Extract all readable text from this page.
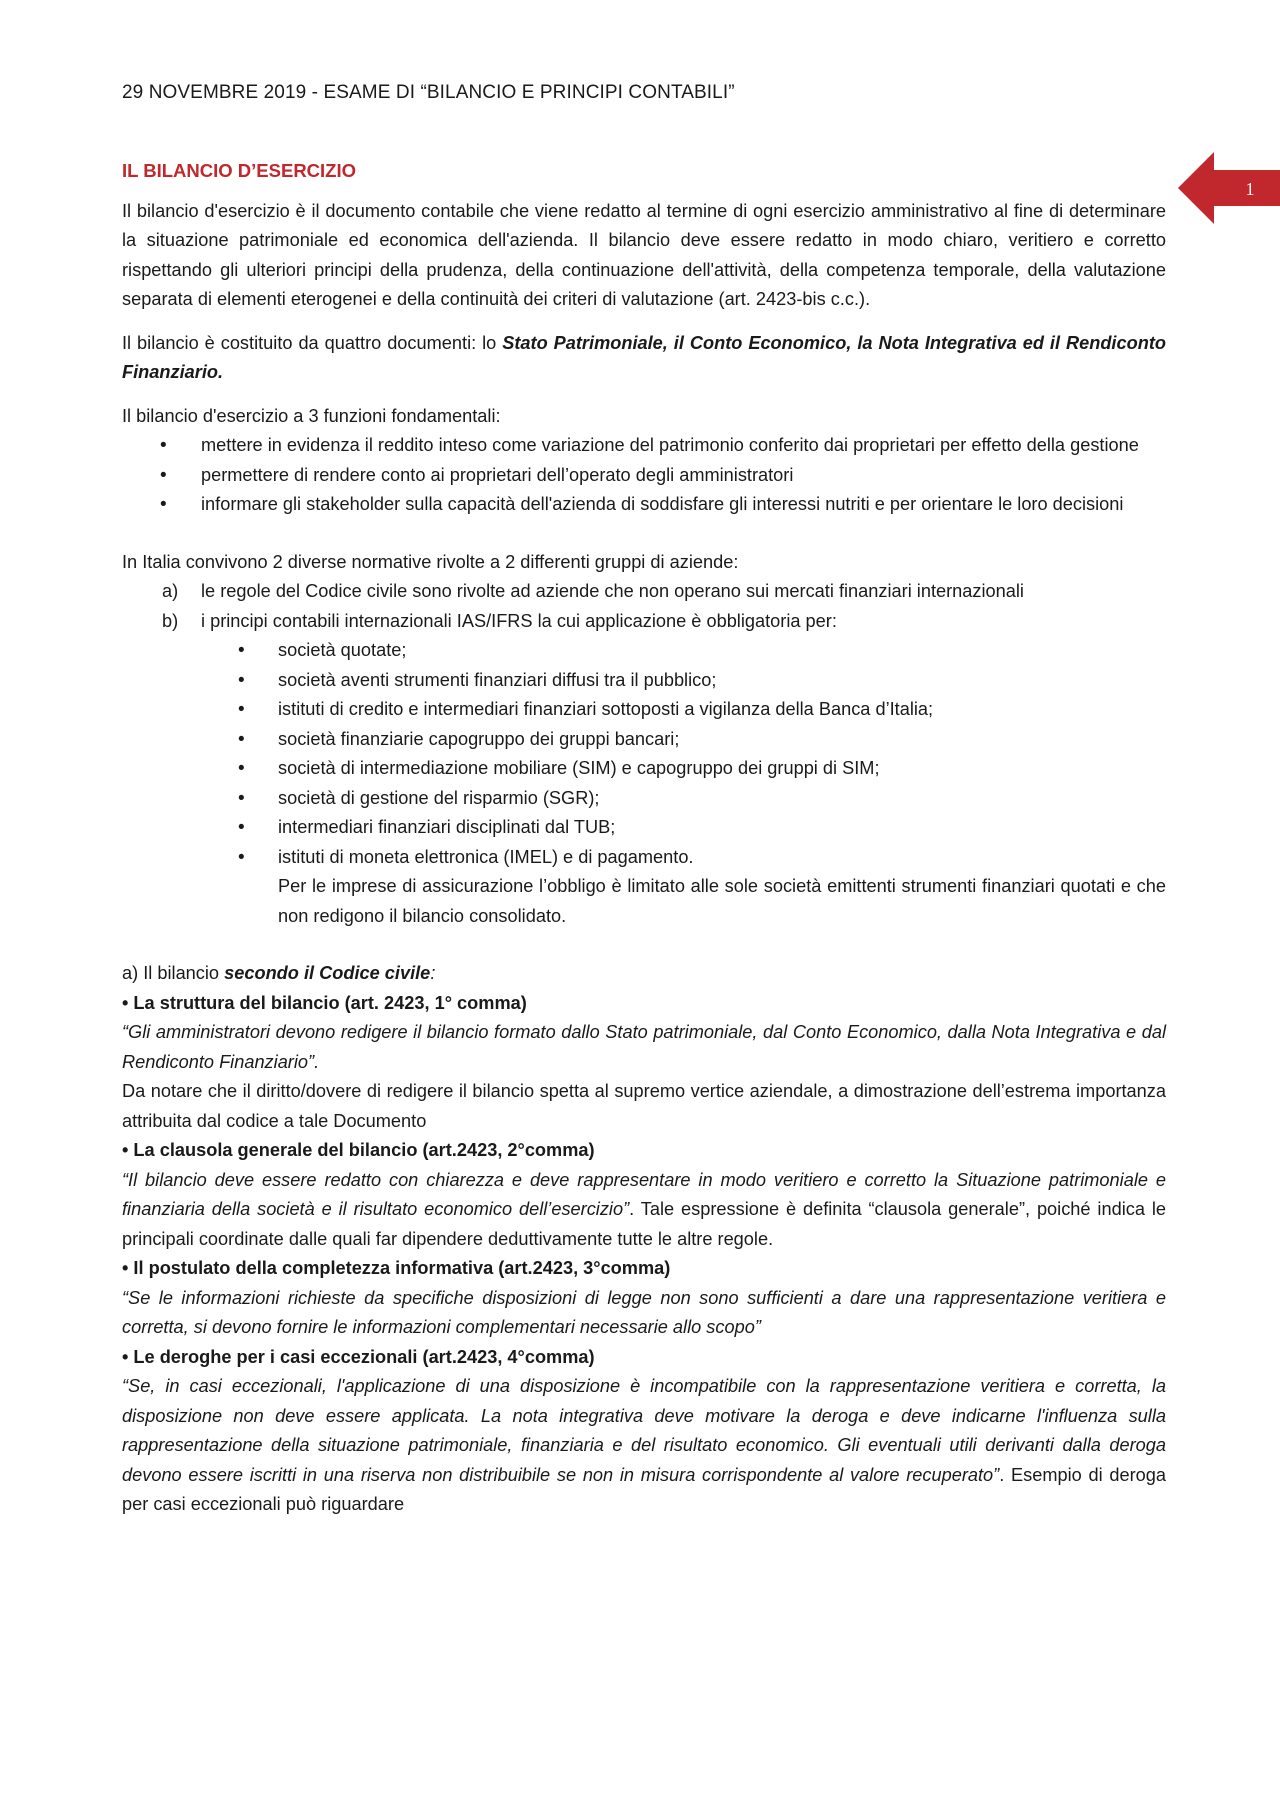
29 NOVEMBRE 2019 - ESAME DI “BILANCIO E PRINCIPI CONTABILI”

IL BILANCIO D’ESERCIZIO

Il bilancio d'esercizio è il documento contabile che viene redatto al termine di ogni esercizio amministrativo al fine di determinare la situazione patrimoniale ed economica dell'azienda. Il bilancio deve essere redatto in modo chiaro, veritiero e corretto rispettando gli ulteriori principi della prudenza, della continuazione dell'attività, della competenza temporale, della valutazione separata di elementi eterogenei e della continuità dei criteri di valutazione (art. 2423-bis c.c.).

Il bilancio è costituito da quattro documenti: lo Stato Patrimoniale, il Conto Economico, la Nota Integrativa ed il Rendiconto Finanziario.

Il bilancio d'esercizio a 3 funzioni fondamentali:

• mettere in evidenza il reddito inteso come variazione del patrimonio conferito dai proprietari per effetto della gestione
• permettere di rendere conto ai proprietari dell’operato degli amministratori
• informare gli stakeholder sulla capacità dell'azienda di soddisfare gli interessi nutriti e per orientare le loro decisioni

In Italia convivono 2 diverse normative rivolte a 2 differenti gruppi di aziende:

a) le regole del Codice civile sono rivolte ad aziende che non operano sui mercati finanziari internazionali
b) i principi contabili internazionali IAS/IFRS la cui applicazione è obbligatoria per:
• società quotate;
• società aventi strumenti finanziari diffusi tra il pubblico;
• istituti di credito e intermediari finanziari sottoposti a vigilanza della Banca d’Italia;
• società finanziarie capogruppo dei gruppi bancari;
• società di intermediazione mobiliare (SIM) e capogruppo dei gruppi di SIM;
• società di gestione del risparmio (SGR);
• intermediari finanziari disciplinati dal TUB;
• istituti di moneta elettronica (IMEL) e di pagamento.

Per le imprese di assicurazione l’obbligo è limitato alle sole società emittenti strumenti finanziari quotati e che non redigono il bilancio consolidato.

a) Il bilancio secondo il Codice civile:

• La struttura del bilancio (art. 2423, 1° comma)

“Gli amministratori devono redigere il bilancio formato dallo Stato patrimoniale, dal Conto Economico, dalla Nota Integrativa e dal Rendiconto Finanziario”.

Da notare che il diritto/dovere di redigere il bilancio spetta al supremo vertice aziendale, a dimostrazione dell’estrema importanza attribuita dal codice a tale Documento

• La clausola generale del bilancio (art.2423, 2°comma)

“Il bilancio deve essere redatto con chiarezza e deve rappresentare in modo veritiero e corretto la Situazione patrimoniale e finanziaria della società e il risultato economico dell’esercizio”. Tale espressione è definita “clausola generale”, poiché indica le principali coordinate dalle quali far dipendere deduttivamente tutte le altre regole.

• Il postulato della completezza informativa (art.2423, 3°comma)

“Se le informazioni richieste da specifiche disposizioni di legge non sono sufficienti a dare una rappresentazione veritiera e corretta, si devono fornire le informazioni complementari necessarie allo scopo”

• Le deroghe per i casi eccezionali (art.2423, 4°comma)

“Se, in casi eccezionali, l'applicazione di una disposizione è incompatibile con la rappresentazione veritiera e corretta, la disposizione non deve essere applicata. La nota integrativa deve motivare la deroga e deve indicarne l'influenza sulla rappresentazione della situazione patrimoniale, finanziaria e del risultato economico. Gli eventuali utili derivanti dalla deroga devono essere iscritti in una riserva non distribuibile se non in misura corrispondente al valore recuperato”. Esempio di deroga per casi eccezionali può riguardare

1
